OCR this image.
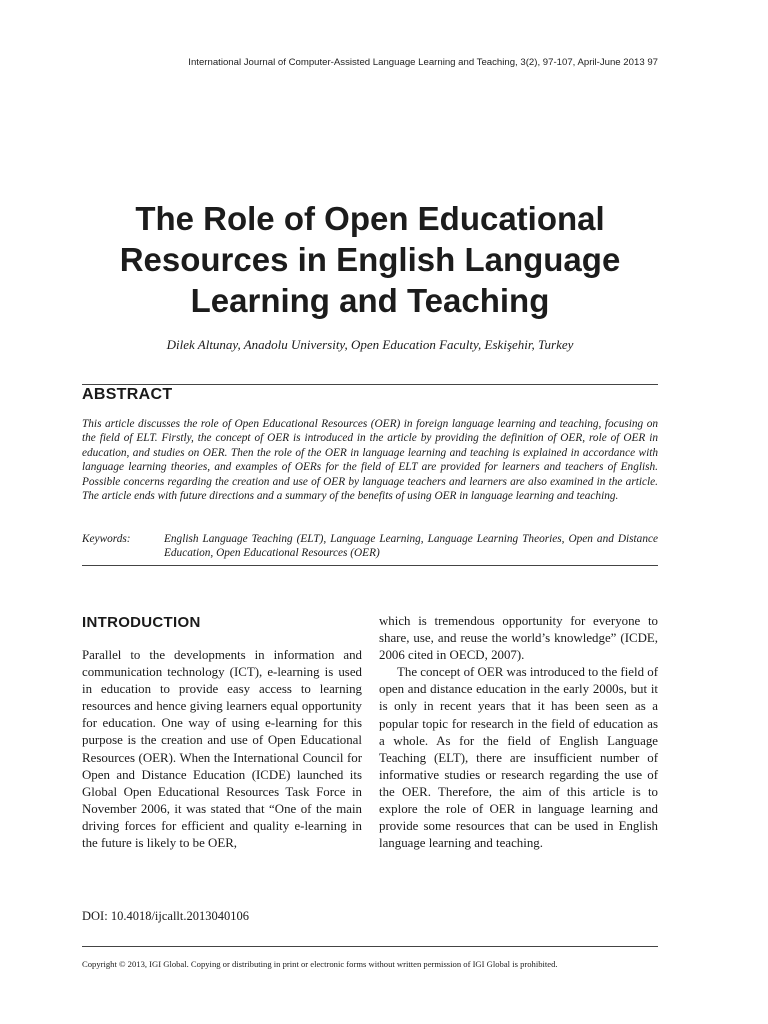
International Journal of Computer-Assisted Language Learning and Teaching, 3(2), 97-107, April-June 2013 97
The Role of Open Educational
Resources in English Language
Learning and Teaching
Dilek Altunay, Anadolu University, Open Education Faculty, Eskişehir, Turkey
ABSTRACT
This article discusses the role of Open Educational Resources (OER) in foreign language learning and teaching, focusing on the field of ELT. Firstly, the concept of OER is introduced in the article by providing the definition of OER, role of OER in education, and studies on OER. Then the role of the OER in language learning and teaching is explained in accordance with language learning theories, and examples of OERs for the field of ELT are provided for learners and teachers of English. Possible concerns regarding the creation and use of OER by language teachers and learners are also examined in the article. The article ends with future directions and a summary of the benefits of using OER in language learning and teaching.
Keywords:	English Language Teaching (ELT), Language Learning, Language Learning Theories, Open and Distance Education, Open Educational Resources (OER)
INTRODUCTION

Parallel to the developments in information and communication technology (ICT), e-learning is used in education to provide easy access to learning resources and hence giving learners equal opportunity for education. One way of using e-learning for this purpose is the creation and use of Open Educational Resources (OER). When the International Council for Open and Distance Education (ICDE) launched its Global Open Educational Resources Task Force in November 2006, it was stated that “One of the main driving forces for efficient and quality e-learning in the future is likely to be OER,

which is tremendous opportunity for everyone to share, use, and reuse the world’s knowledge” (ICDE, 2006 cited in OECD, 2007).

The concept of OER was introduced to the field of open and distance education in the early 2000s, but it is only in recent years that it has been seen as a popular topic for research in the field of education as a whole. As for the field of English Language Teaching (ELT), there are insufficient number of informative studies or research regarding the use of the OER. Therefore, the aim of this article is to explore the role of OER in language learning and provide some resources that can be used in English language learning and teaching.

DOI: 10.4018/ijcallt.2013040106
Copyright © 2013, IGI Global. Copying or distributing in print or electronic forms without written permission of IGI Global is prohibited.
